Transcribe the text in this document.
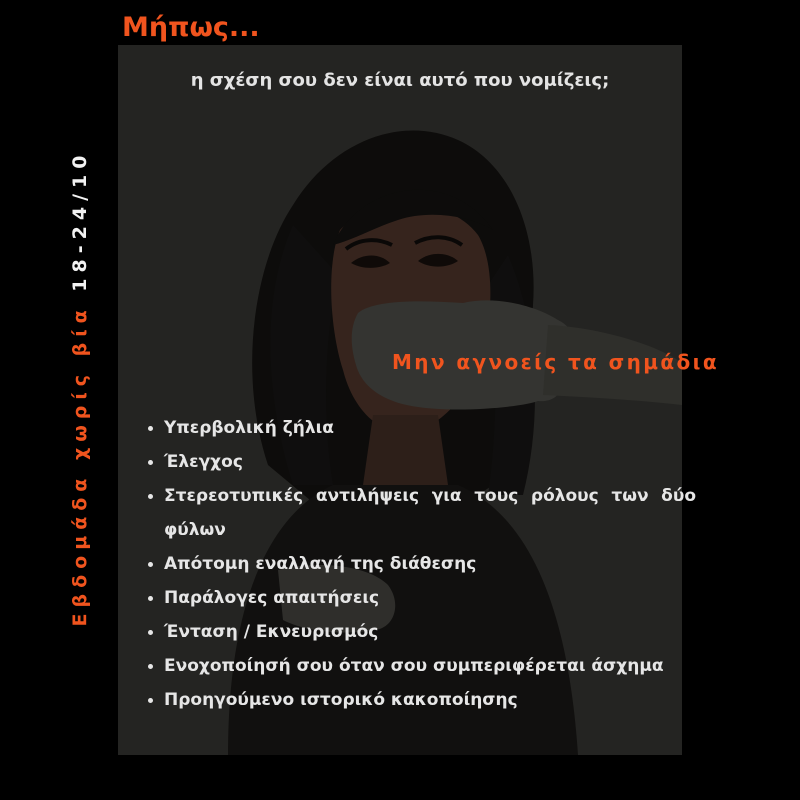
Μήπως...

η σχέση σου δεν είναι αυτό που νομίζεις;

Μην αγνοείς τα σημάδια

Εβδομάδα χωρίς βία 18-24/10
• Υπερβολική ζήλια
• Έλεγχος
• Στερεοτυπικές αντιλήψεις για τους ρόλους των δύο φύλων
• Απότομη εναλλαγή της διάθεσης
• Παράλογες απαιτήσεις
• Ένταση / Εκνευρισμός
• Ενοχοποίησή σου όταν σου συμπεριφέρεται άσχημα
• Προηγούμενο ιστορικό κακοποίησης
